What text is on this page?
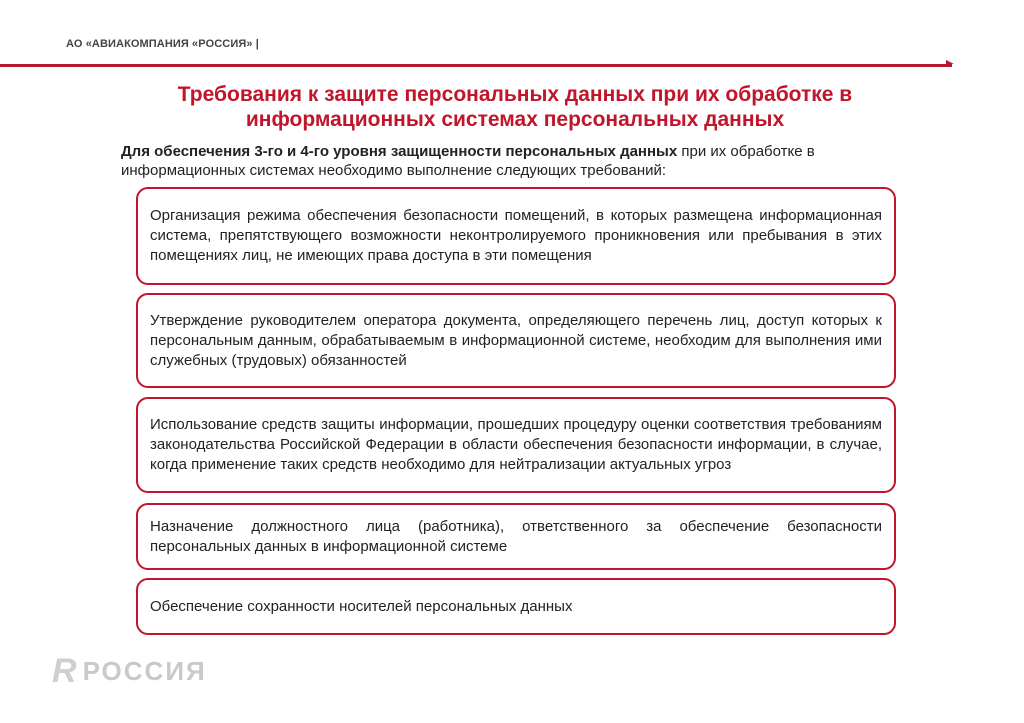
АО «АВИАКОМПАНИЯ «РОССИЯ» |
Требования к защите персональных данных при их обработке в информационных системах персональных данных
Для обеспечения 3-го и 4-го уровня защищенности персональных данных при их обработке в информационных системах необходимо выполнение следующих требований:
Организация режима обеспечения безопасности помещений, в которых размещена информационная система, препятствующего возможности неконтролируемого проникновения или пребывания в этих помещениях лиц, не имеющих права доступа в эти помещения
Утверждение руководителем оператора документа, определяющего перечень лиц, доступ которых к персональным данным, обрабатываемым в информационной системе, необходим для выполнения ими служебных (трудовых) обязанностей
Использование средств защиты информации, прошедших процедуру оценки соответствия требованиям законодательства Российской Федерации в области обеспечения безопасности информации, в случае, когда применение таких средств необходимо для нейтрализации актуальных угроз
Назначение должностного лица (работника), ответственного за обеспечение безопасности персональных данных в информационной системе
Обеспечение сохранности носителей персональных данных
R РОССИЯ
